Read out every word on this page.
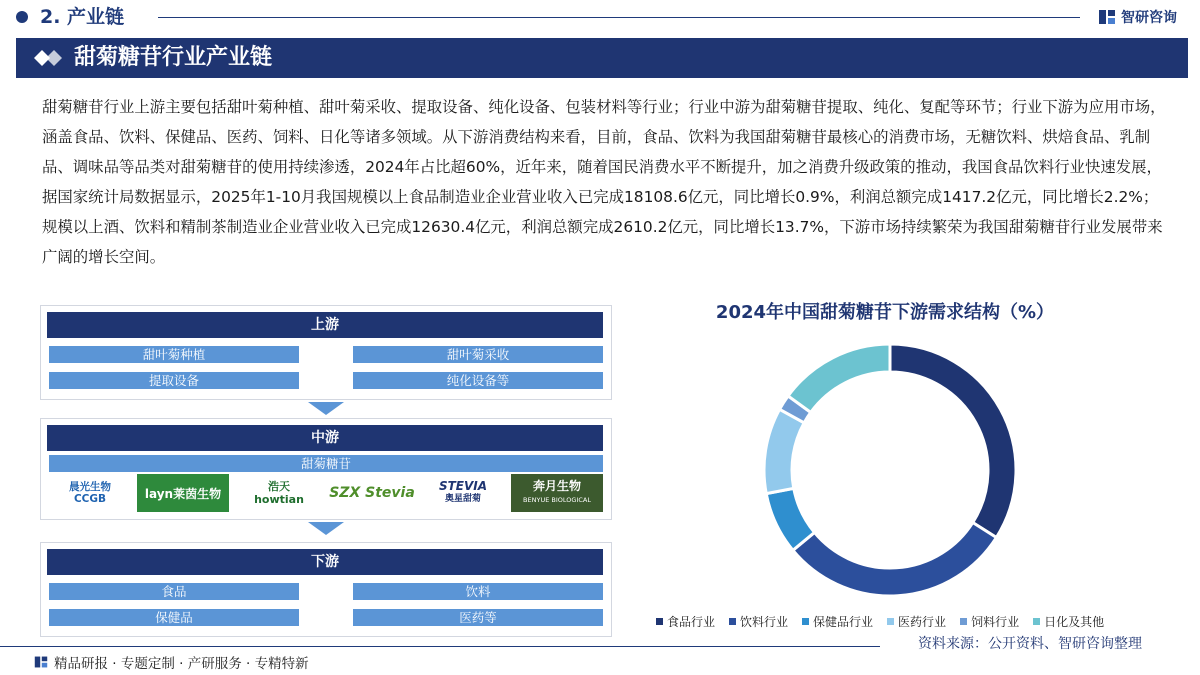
2. 产业链	智研咨询
甜菊糖苷行业产业链

甜菊糖苷行业上游主要包括甜叶菊种植、甜叶菊采收、提取设备、纯化设备、包装材料等行业；行业中游为甜菊糖苷提取、纯化、复配等环节；行业下游为应用市场，涵盖食品、饮料、保健品、医药、饲料、日化等诸多领域。从下游消费结构来看，目前，食品、饮料为我国甜菊糖苷最核心的消费市场，无糖饮料、烘焙食品、乳制品、调味品等品类对甜菊糖苷的使用持续渗透，2024年占比超60%，近年来，随着国民消费水平不断提升，加之消费升级政策的推动，我国食品饮料行业快速发展，据国家统计局数据显示，2025年1-10月我国规模以上食品制造业企业营业收入已完成18108.6亿元，同比增长0.9%，利润总额完成1417.2亿元，同比增长2.2%；规模以上酒、饮料和精制茶制造业企业营业收入已完成12630.4亿元，利润总额完成2610.2亿元，同比增长13.7%，下游市场持续繁荣为我国甜菊糖苷行业发展带来广阔的增长空间。

上游
甜叶菊种植	甜叶菊采收
提取设备	纯化设备等
中游
甜菊糖苷
晨光生物
CCGB	layn莱茵生物	浩天
howtian SZX Stevia STEVIA
奥星甜菊
奔月生物
BENYUE BIOLOGICAL
下游
食品	饮料
保健品	医药等
2024年中国甜菊糖苷下游需求结构（%）
食品行业 饮料行业 保健品行业 医药行业 饲料行业 日化及其他
资料来源：公开资料、智研咨询整理
精品研报 · 专题定制 · 产研服务 · 专精特新
